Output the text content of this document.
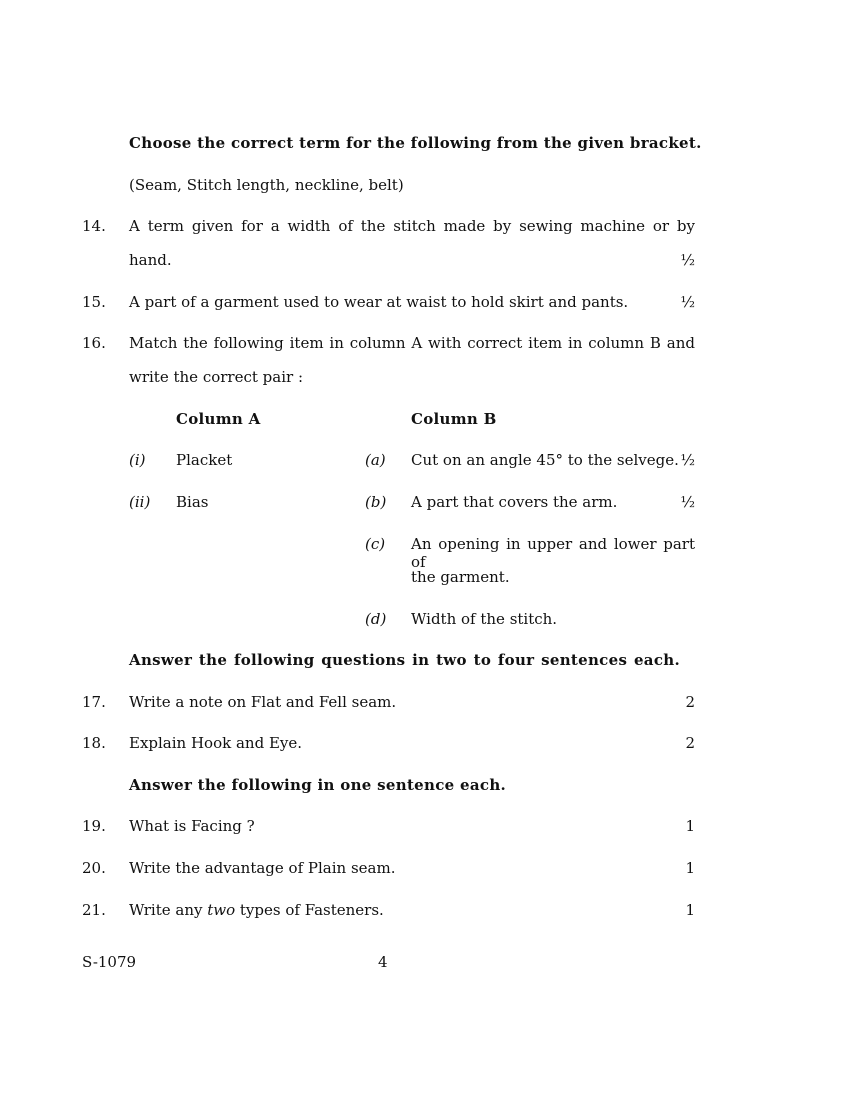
Choose the correct term for the following from the given bracket.
(Seam, Stitch length, neckline, belt)
14. A term given for a width of the stitch made by sewing machine or by
hand.	½
15. A part of a garment used to wear at waist to hold skirt and pants.	½
16. Match the following item in column A with correct item in column B and
write the correct pair :
Column A	Column B
(i) Placket	(a) Cut on an angle 45° to the selvege. ½
(ii) Bias	(b) A part that covers the arm.	½
(c) An opening in upper and lower part of
the garment.
(d) Width of the stitch.
Answer the following questions in two to four sentences each.
17. Write a note on Flat and Fell seam.	2
18. Explain Hook and Eye.	2
Answer the following in one sentence each.
19. What is Facing ?	1
20. Write the advantage of Plain seam.	1
21. Write any two types of Fasteners.	1
S-1079	4
